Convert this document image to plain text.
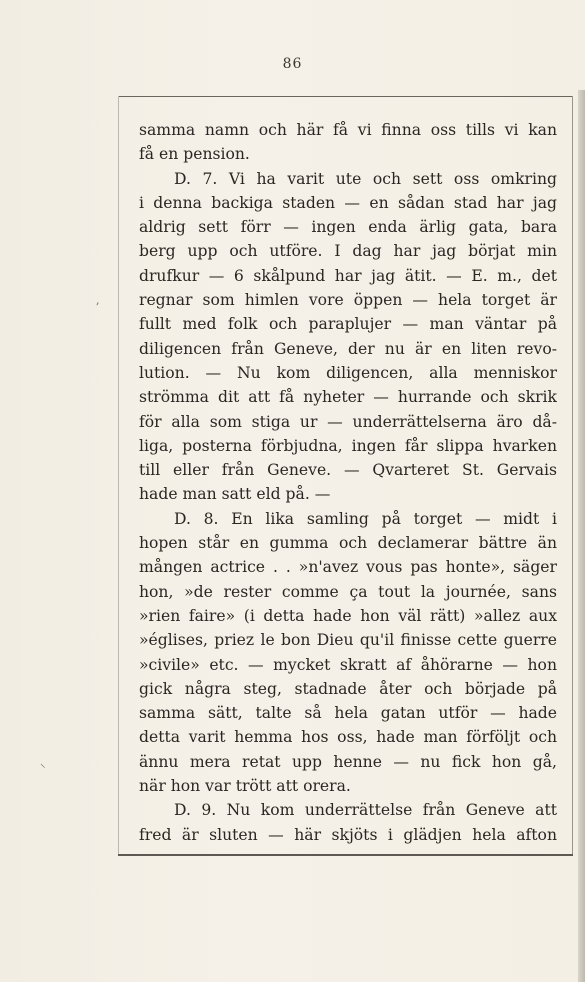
86
,
⸜
samma namn och här få vi finna oss tills vi kan
få en pension.
D. 7. Vi ha varit ute och sett oss omkring
i denna backiga staden — en sådan stad har jag
aldrig sett förr — ingen enda ärlig gata, bara
berg upp och utföre. I dag har jag börjat min
drufkur — 6 skålpund har jag ätit. — E. m., det
regnar som himlen vore öppen — hela torget är
fullt med folk och paraplujer — man väntar på
diligencen från Geneve, der nu är en liten revo-
lution. — Nu kom diligencen, alla menniskor
strömma dit att få nyheter — hurrande och skrik
för alla som stiga ur — underrättelserna äro då-
liga, posterna förbjudna, ingen får slippa hvarken
till eller från Geneve. — Qvarteret St. Gervais
hade man satt eld på. —
D. 8. En lika samling på torget — midt i
hopen står en gumma och declamerar bättre än
mången actrice . . »n'avez vous pas honte», säger
hon, »de rester comme ça tout la journée, sans
»rien faire» (i detta hade hon väl rätt) »allez aux
»églises, priez le bon Dieu qu'il finisse cette guerre
»civile» etc. — mycket skratt af åhörarne — hon
gick några steg, stadnade åter och började på
samma sätt, talte så hela gatan utför — hade
detta varit hemma hos oss, hade man förföljt och
ännu mera retat upp henne — nu fick hon gå,
när hon var trött att orera.
D. 9. Nu kom underrättelse från Geneve att
fred är sluten — här skjöts i glädjen hela afton
